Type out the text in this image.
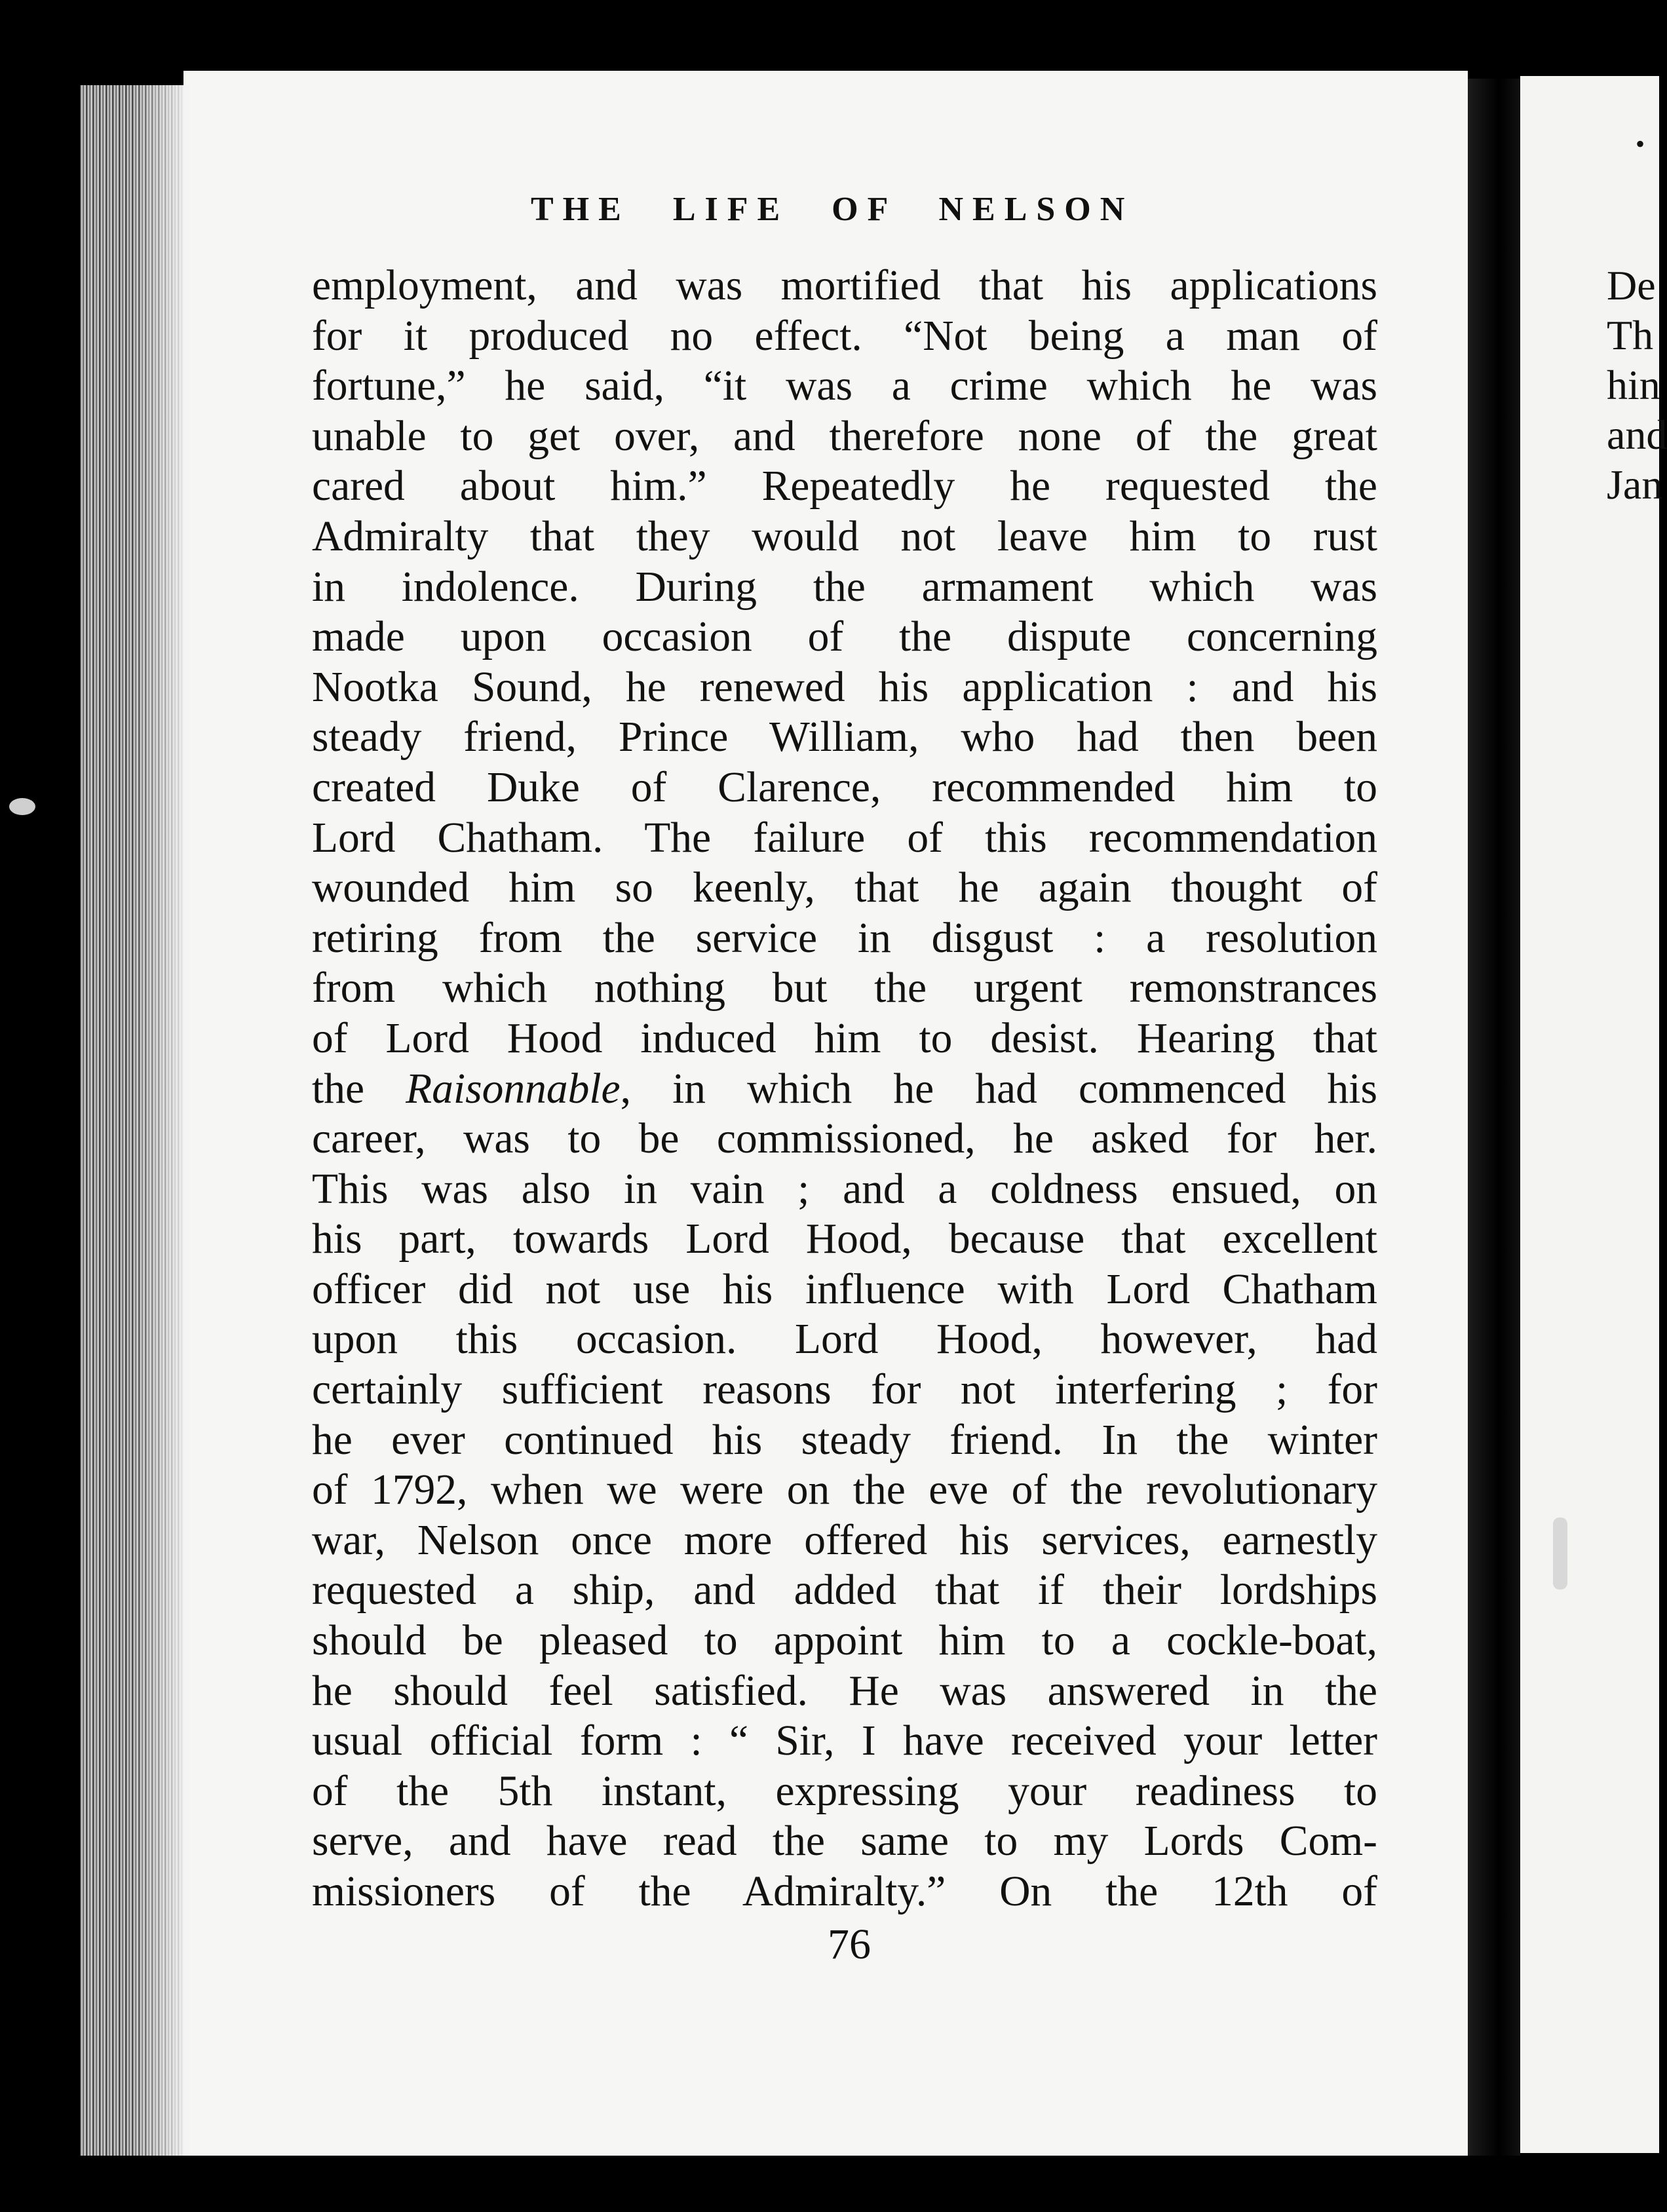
•
De
Th
hin
and
Jan
THE LIFE OF NELSON
employment, and was mortified that his applications
for it produced no effect. “Not being a man of
fortune,” he said, “it was a crime which he was
unable to get over, and therefore none of the great
cared about him.” Repeatedly he requested the
Admiralty that they would not leave him to rust
in indolence. During the armament which was
made upon occasion of the dispute concerning
Nootka Sound, he renewed his application : and his
steady friend, Prince William, who had then been
created Duke of Clarence, recommended him to
Lord Chatham. The failure of this recommendation
wounded him so keenly, that he again thought of
retiring from the service in disgust : a resolution
from which nothing but the urgent remonstrances
of Lord Hood induced him to desist. Hearing that
the Raisonnable, in which he had commenced his
career, was to be commissioned, he asked for her.
This was also in vain ; and a coldness ensued, on
his part, towards Lord Hood, because that excellent
officer did not use his influence with Lord Chatham
upon this occasion. Lord Hood, however, had
certainly sufficient reasons for not interfering ; for
he ever continued his steady friend. In the winter
of 1792, when we were on the eve of the revolutionary
war, Nelson once more offered his services, earnestly
requested a ship, and added that if their lordships
should be pleased to appoint him to a cockle-boat,
he should feel satisfied. He was answered in the
usual official form : “ Sir, I have received your letter
of the 5th instant, expressing your readiness to
serve, and have read the same to my Lords Com-
missioners of the Admiralty.” On the 12th of
76
